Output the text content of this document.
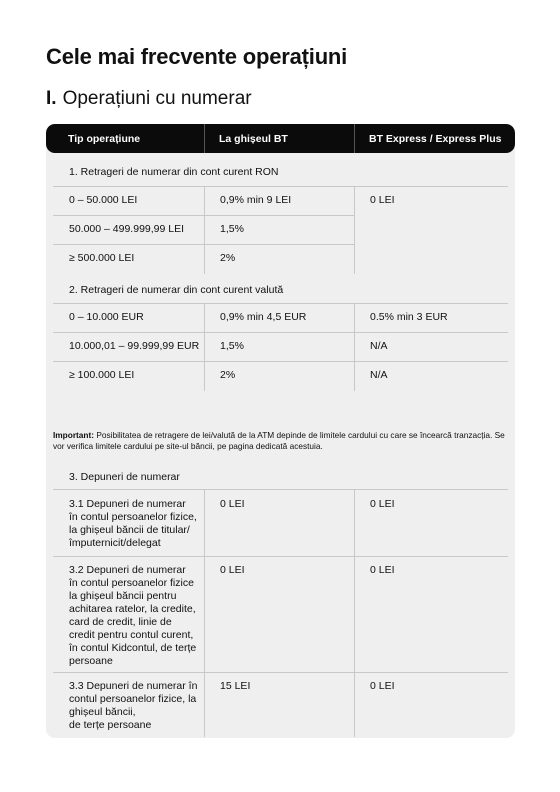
Cele mai frecvente operațiuni
I. Operațiuni cu numerar
1. Retrageri de numerar din cont curent RON
0 – 50.000 LEI	0,9% min 9 LEI	0 LEI
50.000 – 499.999,99 LEI	1,5%
≥ 500.000 LEI	2%
2. Retrageri de numerar din cont curent valută
0 – 10.000 EUR	0,9% min 4,5 EUR	0.5% min 3 EUR
10.000,01 – 99.999,99 EUR 1,5%	N/A
≥ 100.000 LEI	2%	N/A
Important: Posibilitatea de retragere de lei/valută de la ATM depinde de limitele cardului cu care se încearcă tranzacția. Se vor verifica limitele cardului pe site-ul băncii, pe pagina dedicată acestuia.
3. Depuneri de numerar
3.1 Depuneri de numerar
în contul persoanelor fizice,
la ghișeul băncii de titular/
împuternicit/delegat
0 LEI	0 LEI
3.2 Depuneri de numerar
în contul persoanelor fizice
la ghișeul băncii pentru
achitarea ratelor, la credite,
card de credit, linie de
credit pentru contul curent,
în contul Kidcontul, de terțe
persoane
0 LEI	0 LEI
3.3 Depuneri de numerar în
contul persoanelor fizice, la
ghișeul băncii,
de terțe persoane
15 LEI	0 LEI
Tip operațiune	La ghișeul BT	BT Express / Express Plus
